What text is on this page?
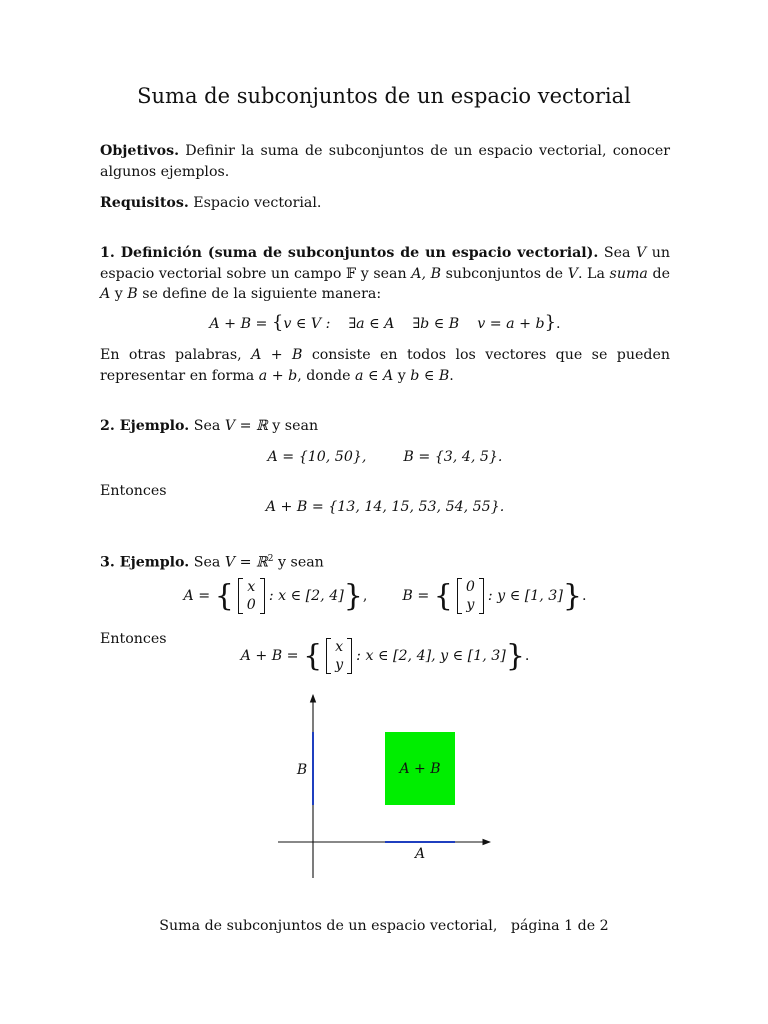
Suma de subconjuntos de un espacio vectorial
Objetivos. Definir la suma de subconjuntos de un espacio vectorial, conocer algunos ejemplos.
Requisitos. Espacio vectorial.
1. Definición (suma de subconjuntos de un espacio vectorial). Sea V un espacio vectorial sobre un campo 𝔽 y sean A, B subconjuntos de V. La suma de A y B se define de la siguiente manera:
A + B = {v ∈ V :    ∃a ∈ A    ∃b ∈ B    v = a + b}.
En otras palabras, A + B consiste en todos los vectores que se pueden representar en forma a + b, donde a ∈ A y b ∈ B.
2. Ejemplo. Sea V = ℝ y sean
A = {10, 50},	B = {3, 4, 5}.
Entonces
A + B = {13, 14, 15, 53, 54, 55}.
3. Ejemplo. Sea V = ℝ$^2$ y sean
A = { x
0: x ∈ [2, 4]},  B = { 0
y: y ∈ [1, 3]}.
Entonces
A + B = { x
y: x ∈ [2, 4], y ∈ [1, 3]}.
A + B
B
A
Suma de subconjuntos de un espacio vectorial,   página 1 de 2
